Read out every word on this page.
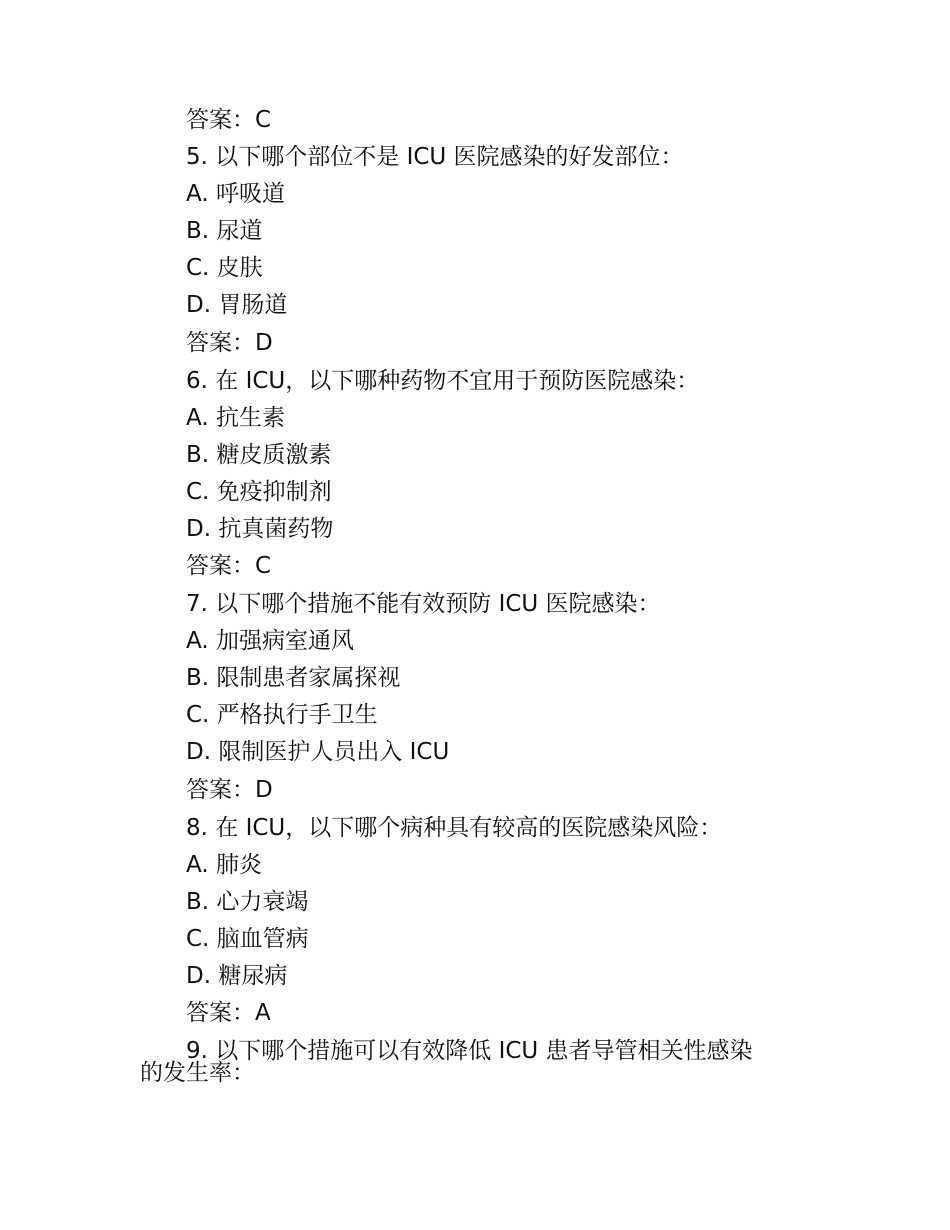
答案：C
5. 以下哪个部位不是 ICU 医院感染的好发部位：
A. 呼吸道
B. 尿道
C. 皮肤
D. 胃肠道
答案：D
6. 在 ICU，以下哪种药物不宜用于预防医院感染：
A. 抗生素
B. 糖皮质激素
C. 免疫抑制剂
D. 抗真菌药物
答案：C
7. 以下哪个措施不能有效预防 ICU 医院感染：
A. 加强病室通风
B. 限制患者家属探视
C. 严格执行手卫生
D. 限制医护人员出入 ICU
答案：D
8. 在 ICU，以下哪个病种具有较高的医院感染风险：
A. 肺炎
B. 心力衰竭
C. 脑血管病
D. 糖尿病
答案：A
9. 以下哪个措施可以有效降低 ICU 患者导管相关性感染
的发生率：
